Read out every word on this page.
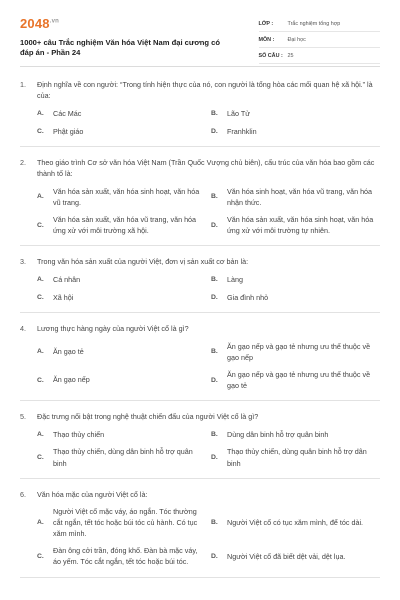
$2048^{.vn}$
1000+ câu Trắc nghiệm Văn hóa Việt Nam đại cương có đáp án - Phần 24
LỚP :	Trắc nghiệm tổng hợp
MÔN :	Đại học
SỐ CÂU : 25
1.	Định nghĩa về con người: “Trong tính hiện thực của nó, con người là tổng hòa các mối quan hệ xã hội.” là của:
A.	Các Mác	B.	Lão Tử
C.	Phật giáo	D.	Franhklin
2.	Theo giáo trình Cơ sở văn hóa Việt Nam (Trần Quốc Vượng chủ biên), cấu trúc của văn hóa bao gồm các thành tố là:
A.
Văn hóa sản xuất, văn hóa sinh hoạt, văn hóa vũ trang.
B.
Văn hóa sinh hoạt, văn hóa vũ trang, văn hóa nhận thức.
C.
Văn hóa sản xuất, văn hóa vũ trang, văn hóa ứng xử với môi trường xã hội.
D.
Văn hóa sản xuất, văn hóa sinh hoạt, văn hóa ứng xử với môi trường tự nhiên.
3.	Trong văn hóa sản xuất của người Việt, đơn vị sản xuất cơ bản là:
A.	Cá nhân	B.	Làng
C.	Xã hội	D.	Gia đình nhỏ
4.	Lương thực hàng ngày của người Việt cổ là gì?
A.	Ăn gạo tẻ	B.
Ăn gạo nếp và gạo tẻ nhưng ưu thế thuộc về gạo nếp
C.	Ăn gạo nếp	D.
Ăn gạo nếp và gạo tẻ nhưng ưu thế thuộc về gạo tẻ
5.	Đặc trưng nổi bật trong nghệ thuật chiến đấu của người Việt cổ là gì?
A.	Thạo thủy chiến	B.	Dùng dân binh hỗ trợ quân binh
C.
Thạo thủy chiến, dùng dân binh hỗ trợ quân binh
D.
Thạo thủy chiến, dùng quân binh hỗ trợ dân binh
6.	Văn hóa mặc của người Việt cổ là:
A.
Người Việt cổ mặc váy, áo ngắn. Tóc thường cắt ngắn, tết tóc hoặc búi tóc củ hành. Có tục xăm mình.
B.	Người Việt cổ có tục xăm mình, để tóc dài.
C.
Đàn ông cởi trần, đóng khố. Đàn bà mặc váy, áo yếm. Tóc cắt ngắn, tết tóc hoặc búi tóc.
D.	Người Việt cổ đã biết dệt vải, dệt lụa.
